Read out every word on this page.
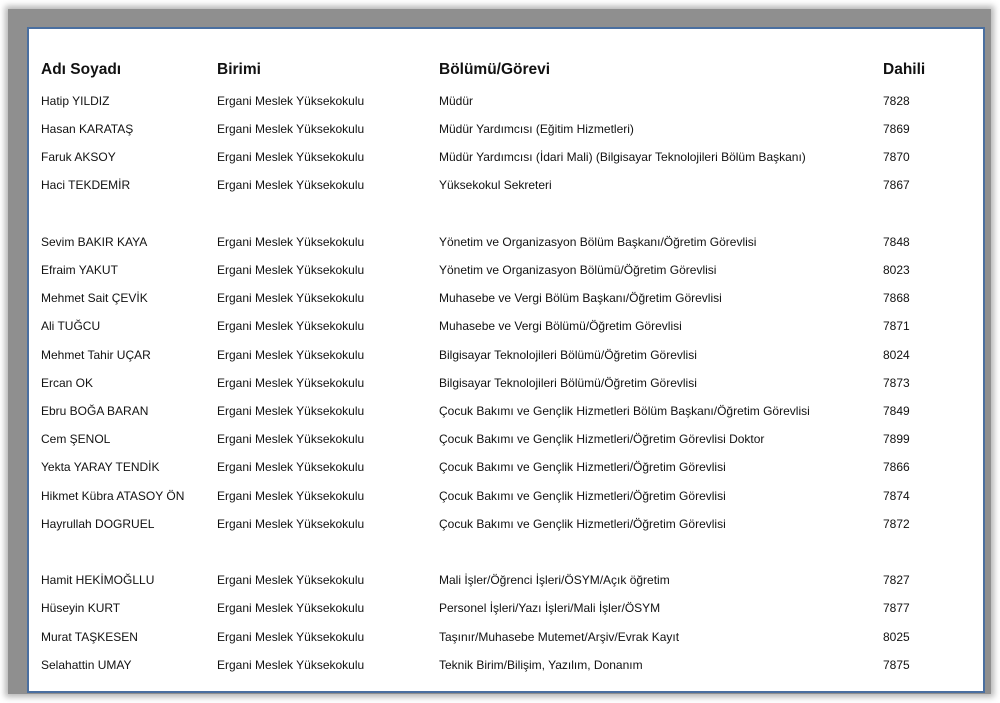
Adı Soyadı	Birimi	Bölümü/Görevi	Dahili
Hatip YILDIZ	Ergani Meslek Yüksekokulu	Müdür	7828
Hasan KARATAŞ	Ergani Meslek Yüksekokulu	Müdür Yardımcısı (Eğitim Hizmetleri)	7869
Faruk AKSOY	Ergani Meslek Yüksekokulu	Müdür Yardımcısı (İdari Mali) (Bilgisayar Teknolojileri Bölüm Başkanı)	7870
Haci TEKDEMİR	Ergani Meslek Yüksekokulu	Yüksekokul Sekreteri	7867
Sevim BAKIR KAYA	Ergani Meslek Yüksekokulu	Yönetim ve Organizasyon Bölüm Başkanı/Öğretim Görevlisi	7848
Efraim YAKUT	Ergani Meslek Yüksekokulu	Yönetim ve Organizasyon Bölümü/Öğretim Görevlisi	8023
Mehmet Sait ÇEVİK	Ergani Meslek Yüksekokulu	Muhasebe ve Vergi Bölüm Başkanı/Öğretim Görevlisi	7868
Ali TUĞCU	Ergani Meslek Yüksekokulu	Muhasebe ve Vergi Bölümü/Öğretim Görevlisi	7871
Mehmet Tahir UÇAR	Ergani Meslek Yüksekokulu	Bilgisayar Teknolojileri Bölümü/Öğretim Görevlisi	8024
Ercan OK	Ergani Meslek Yüksekokulu	Bilgisayar Teknolojileri Bölümü/Öğretim Görevlisi	7873
Ebru BOĞA BARAN	Ergani Meslek Yüksekokulu	Çocuk Bakımı ve Gençlik Hizmetleri Bölüm Başkanı/Öğretim Görevlisi	7849
Cem ŞENOL	Ergani Meslek Yüksekokulu	Çocuk Bakımı ve Gençlik Hizmetleri/Öğretim Görevlisi Doktor	7899
Yekta YARAY TENDİK	Ergani Meslek Yüksekokulu	Çocuk Bakımı ve Gençlik Hizmetleri/Öğretim Görevlisi	7866
Hikmet Kübra ATASOY ÖN	Ergani Meslek Yüksekokulu	Çocuk Bakımı ve Gençlik Hizmetleri/Öğretim Görevlisi	7874
Hayrullah DOGRUEL	Ergani Meslek Yüksekokulu	Çocuk Bakımı ve Gençlik Hizmetleri/Öğretim Görevlisi	7872
Hamit HEKİMOĞLLU	Ergani Meslek Yüksekokulu	Mali İşler/Öğrenci İşleri/ÖSYM/Açık öğretim	7827
Hüseyin KURT	Ergani Meslek Yüksekokulu	Personel İşleri/Yazı İşleri/Mali İşler/ÖSYM	7877
Murat TAŞKESEN	Ergani Meslek Yüksekokulu	Taşınır/Muhasebe Mutemet/Arşiv/Evrak Kayıt	8025
Selahattin UMAY	Ergani Meslek Yüksekokulu	Teknik Birim/Bilişim, Yazılım, Donanım	7875
